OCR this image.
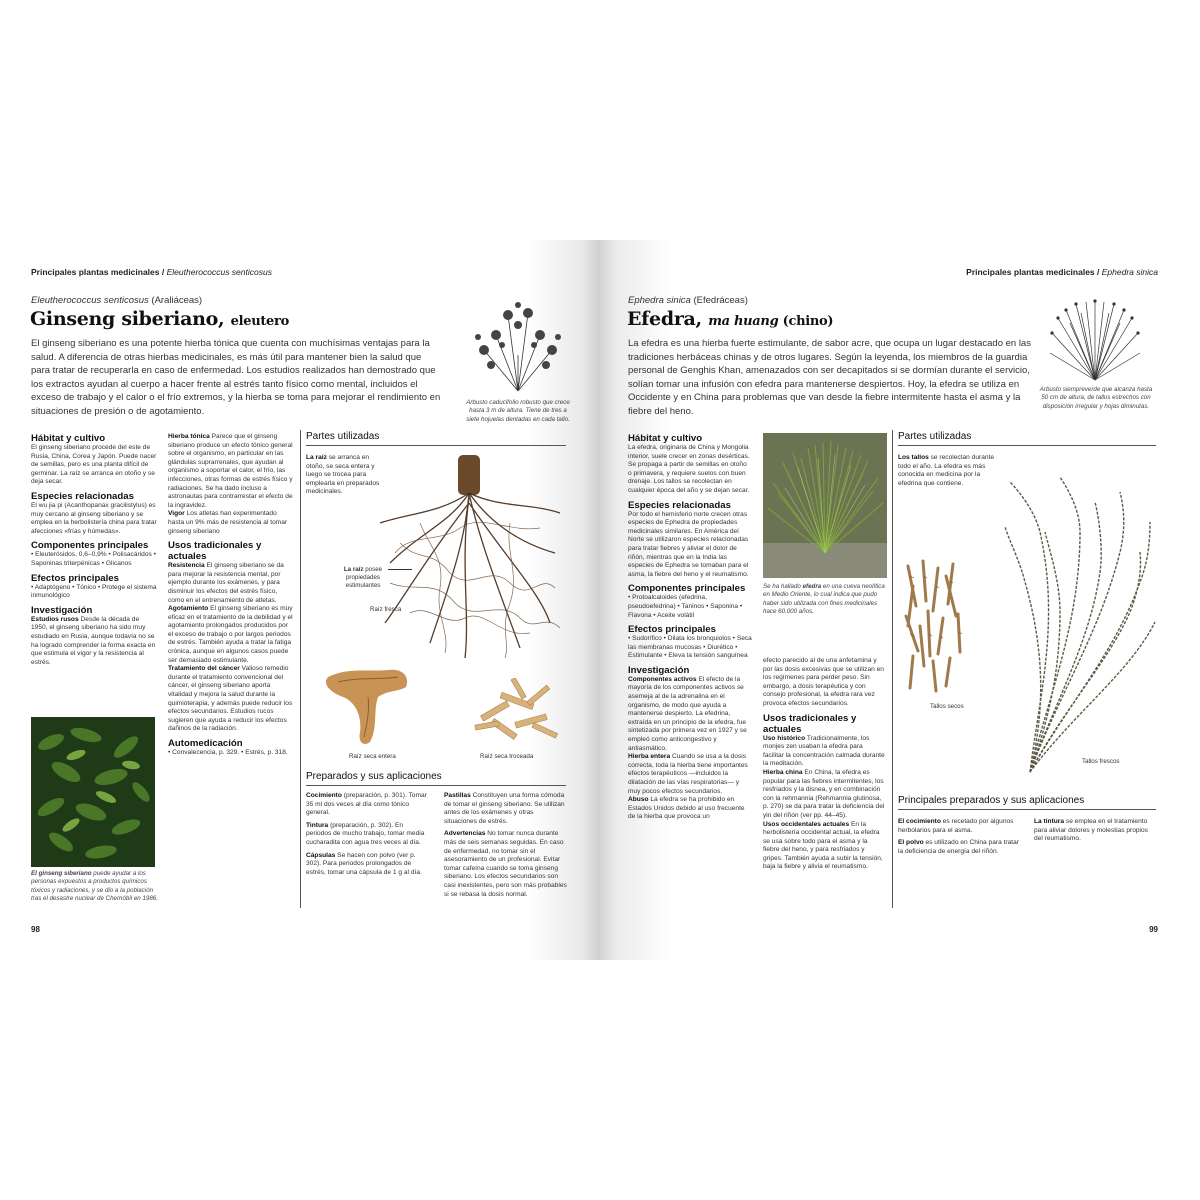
Principales plantas medicinales / Eleutherococcus senticosus
Eleutherococcus senticosus (Araliáceas)
Ginseng siberiano, eleutero
El ginseng siberiano es una potente hierba tónica que cuenta con muchísimas ventajas para la salud. A diferencia de otras hierbas medicinales, es más útil para mantener bien la salud que para tratar de recuperarla en caso de enfermedad. Los estudios realizados han demostrado que los extractos ayudan al cuerpo a hacer frente al estrés tanto físico como mental, incluidos el exceso de trabajo y el calor o el frío extremos, y la hierba se toma para mejorar el rendimiento en situaciones de presión o de agotamiento.
Arbusto caducifolio robusto que crece hasta 3 m de altura. Tiene de tres a siete hojuelas dentadas en cada tallo.
Hábitat y cultivo
El ginseng siberiano procede del este de Rusia, China, Corea y Japón. Puede nacer de semillas, pero es una planta difícil de germinar. La raíz se arranca en otoño y se deja secar.
Especies relacionadas
El wu jia pi (Acanthopanax gracilistylus) es muy cercano al ginseng siberiano y se emplea en la herbolistería china para tratar afecciones «frías y húmedas».
Componentes principales
• Eleuterósidos, 0,6–0,9% • Polisacáridos • Saponinas triterpénicas • Glicanos
Efectos principales
• Adaptógeno • Tónico • Protege el sistema inmunológico
Investigación
Estudios rusos Desde la década de 1950, el ginseng siberiano ha sido muy estudiado en Rusia, aunque todavía no se ha logrado comprender la forma exacta en que estimula el vigor y la resistencia al estrés.
El ginseng siberiano puede ayudar a los personas expuestos a productos químicos tóxicos y radiaciones, y se dio a la población tras el desastre nuclear de Chernóbil en 1986.
Hierba tónica Parece que el ginseng siberiano produce un efecto tónico general sobre el organismo, en particular en las glándulas suprarrenales, que ayudan al organismo a soportar el calor, el frío, las infecciones, otras formas de estrés físico y radiaciones. Se ha dado incluso a astronautas para contrarrestar el efecto de la ingravidez.
Vigor Los atletas han experimentado hasta un 9% más de resistencia al tomar ginseng siberiano
Usos tradicionales y actuales
Resistencia El ginseng siberiano se da para mejorar la resistencia mental, por ejemplo durante los exámenes, y para disminuir los efectos del estrés físico, como en el entrenamiento de atletas.
Agotamiento El ginseng siberiano es muy eficaz en el tratamiento de la debilidad y el agotamiento prolongados producidos por el exceso de trabajo o por largos periodos de estrés. También ayuda a tratar la fatiga crónica, aunque en algunos casos puede ser demasiado estimulante.
Tratamiento del cáncer Valioso remedio durante el tratamiento convencional del cáncer, el ginseng siberiano aporta vitalidad y mejora la salud durante la quimioterapia, y además puede reducir los efectos secundarios. Estudios rucos sugieren que ayuda a reducir los efectos dañinos de la radiación.
Automedicación
• Convalecencia, p. 329. • Estrés, p. 318.
Partes utilizadas
La raíz se arranca en otoño, se seca entera y luego se trocea para emplearla en preparados medicinales.
La raíz posee propiedades estimulantes
Raíz fresca
Raíz seca entera	Raíz seca troceada
Preparados y sus aplicaciones
Cocimiento (preparación, p. 301). Tomar 35 ml dos veces al día como tónico general.
Tintura (preparación, p. 302). En periodos de mucho trabajo, tomar media cucharadita con agua tres veces al día.
Cápsulas Se hacen con polvo (ver p. 302). Para periodos prolongados de estrés, tomar una cápsula de 1 g al día.
Pastillas Constituyen una forma cómoda de tomar el ginseng siberiano. Se utilizan antes de los exámenes y otras situaciones de estrés.
Advertencias No tomar nunca durante más de seis semanas seguidas. En caso de enfermedad, no tomar sin el asesoramiento de un profesional. Evitar tomar cafeína cuando se toma ginseng siberiano. Los efectos secundarios son casi inexistentes, pero son más probables si se rebasa la dosis normal.
98
Principales plantas medicinales / Ephedra sinica
Ephedra sinica (Efedráceas)
Efedra, ma huang (chino)
La efedra es una hierba fuerte estimulante, de sabor acre, que ocupa un lugar destacado en las tradiciones herbáceas chinas y de otros lugares. Según la leyenda, los miembros de la guardia personal de Genghis Khan, amenazados con ser decapitados si se dormían durante el servicio, solían tomar una infusión con efedra para mantenerse despiertos. Hoy, la efedra se utiliza en Occidente y en China para problemas que van desde la fiebre intermitente hasta el asma y la fiebre del heno.
Arbusto siempreverde que alcanza hasta 50 cm de altura, de tallos estrechos con disposición irregular y hojas diminutas.
Hábitat y cultivo
La efedra, originaria de China y Mongolia interior, suele crecer en zonas desérticas. Se propaga a partir de semillas en otoño o primavera, y requiere suelos con buen drenaje. Los tallos se recolectan en cualquier época del año y se dejan secar.
Especies relacionadas
Por todo el hemisferio norte crecen otras especies de Ephedra de propiedades medicinales similares. En América del Norte se utilizaron especies relacionadas para tratar fiebres y aliviar el dolor de riñón, mientras que en la India las especies de Ephedra se tomaban para el asma, la fiebre del heno y el reumatismo.
Componentes principales
• Protoalcaloides (efedrina, pseudoefedrina) • Taninos • Saponina • Flavona • Aceite volátil
Efectos principales
• Sudorífico • Dilata los bronquiolos • Seca las membranas mucosas • Diurético • Estimulante • Eleva la tensión sanguínea
Investigación
Componentes activos El efecto de la mayoría de los componentes activos se asemeja al de la adrenalina en el organismo, de modo que ayuda a mantenerse despierto. La efedrina, extraída en un principio de la efedra, fue sintetizada por primera vez en 1927 y se empleó como anticongestivo y antiasmático.
Hierba entera Cuando se usa a la dosis correcta, toda la hierba tiene importantes efectos terapéuticos —incluidos la dilatación de las vías respiratorias— y muy pocos efectos secundarios.
Abuso La efedra se ha prohibido en Estados Unidos debido al uso frecuente de la hierba que provoca un
Se ha hallado efedra en una cueva neolítica en Medio Oriente, lo cual indica que pudo haber sido utilizada con fines medicinales hace 60.000 años.
efecto parecido al de una anfetamina y por las dosis excesivas que se utilizan en los regímenes para perder peso. Sin embargo, a dosis terapéutica y con consejo profesional, la efedra rara vez provoca efectos secundarios.
Usos tradicionales y actuales
Uso histórico Tradicionalmente, los monjes zen usaban la efedra para facilitar la concentración calmada durante la meditación.
Hierba china En China, la efedra es popular para las fiebres intermitentes, los resfriados y la disnea, y en combinación con la rehmannia (Rehmannia glutinosa, p. 270) se da para tratar la deficiencia del yin del riñón (ver pp. 44–45).
Usos occidentales actuales En la herbolistería occidental actual, la efedra se usa sobre todo para el asma y la fiebre del heno, y para resfriados y gripes. También ayuda a subir la tensión, baja la fiebre y alivia el reumatismo.
Partes utilizadas
Los tallos se recolectan durante todo el año. La efedra es más conocida en medicina por la efedrina que contiene.
Tallos secos
Tallos frescos
Principales preparados y sus aplicaciones
El cocimiento es recetado por algunos herbolarios para el asma.
El polvo es utilizado en China para tratar la deficiencia de energía del riñón.
La tintura se emplea en el tratamiento para aliviar dolores y molestias propios del reumatismo.
99
